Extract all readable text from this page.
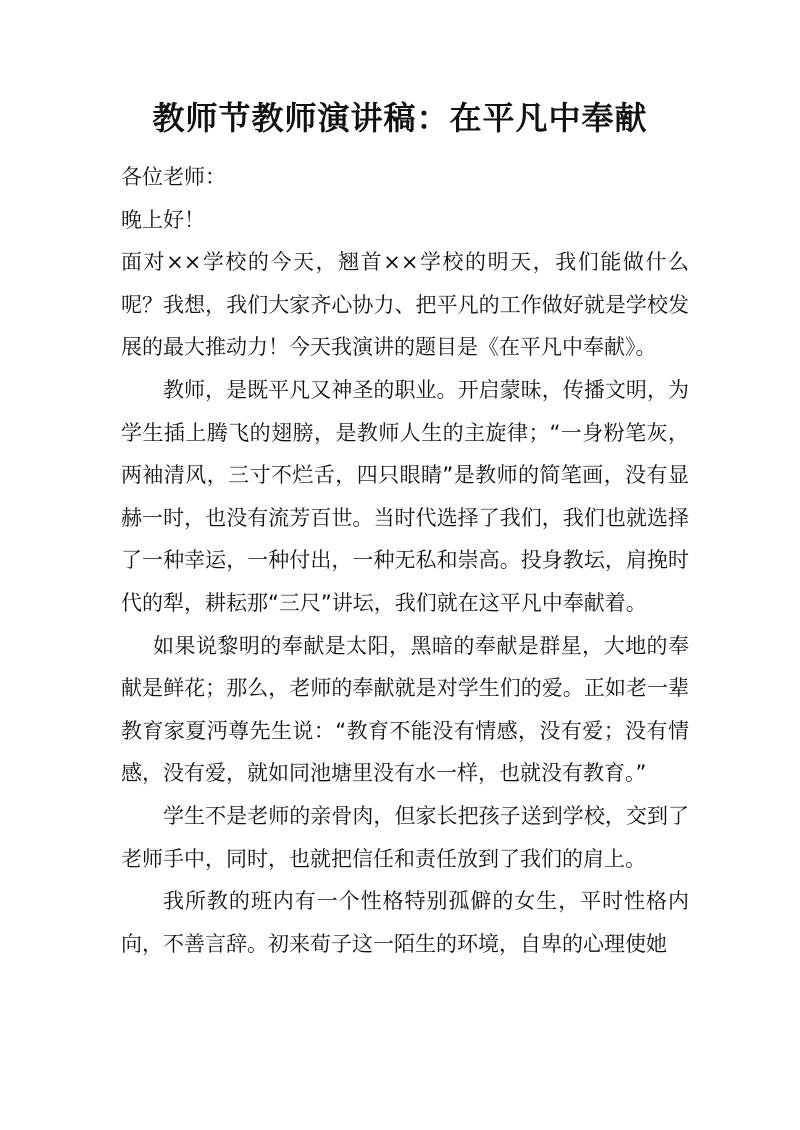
教师节教师演讲稿：在平凡中奉献

各位老师：

晚上好！

面对××学校的今天，翘首××学校的明天，我们能做什么呢？我想，我们大家齐心协力、把平凡的工作做好就是学校发展的最大推动力！今天我演讲的题目是《在平凡中奉献》。

教师，是既平凡又神圣的职业。开启蒙昧，传播文明，为学生插上腾飞的翅膀，是教师人生的主旋律；“一身粉笔灰，两袖清风，三寸不烂舌，四只眼睛”是教师的简笔画，没有显赫一时，也没有流芳百世。当时代选择了我们，我们也就选择了一种幸运，一种付出，一种无私和崇高。投身教坛，肩挽时代的犁，耕耘那“三尺”讲坛，我们就在这平凡中奉献着。

如果说黎明的奉献是太阳，黑暗的奉献是群星，大地的奉献是鲜花；那么，老师的奉献就是对学生们的爱。正如老一辈教育家夏沔尊先生说：“教育不能没有情感，没有爱；没有情感，没有爱，就如同池塘里没有水一样，也就没有教育。”

学生不是老师的亲骨肉，但家长把孩子送到学校，交到了老师手中，同时，也就把信任和责任放到了我们的肩上。

我所教的班内有一个性格特别孤僻的女生，平时性格内向，不善言辞。初来荀子这一陌生的环境，自卑的心理使她
